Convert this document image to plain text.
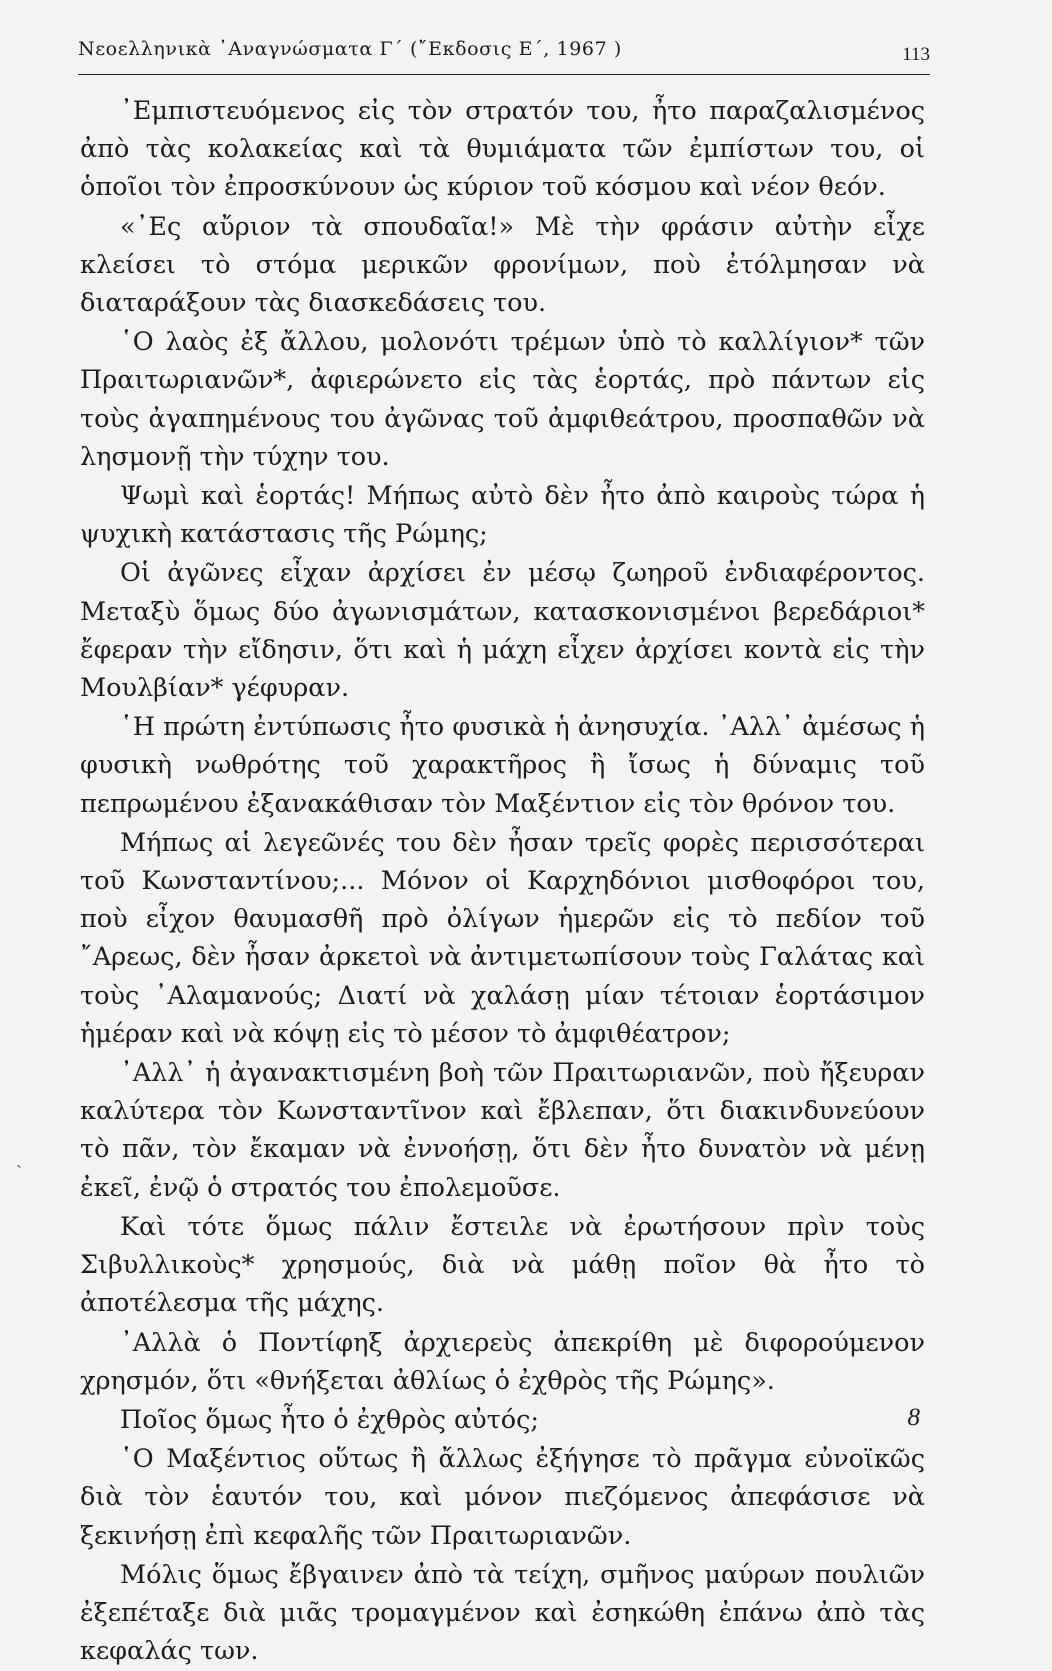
Νεοελληνικὰ ᾿Αναγνώσματα Γ΄ (῎Εκδοσις Ε΄, 1967 )	113

᾿Εμπιστευόμενος εἰς τὸν στρατόν του, ἦτο παραζαλισμένος ἀπὸ τὰς κολακείας καὶ τὰ θυμιάματα τῶν ἐμπίστων του, οἱ ὁποῖοι τὸν ἐπροσκύνουν ὡς κύριον τοῦ κόσμου καὶ νέον θεόν.

«᾿Ες αὔριον τὰ σπουδαῖα!» Μὲ τὴν φράσιν αὐτὴν εἶχε κλείσει τὸ στόμα μερικῶν φρονίμων, ποὺ ἐτόλμησαν νὰ διαταράξουν τὰς διασκεδάσεις του.

῾Ο λαὸς ἐξ ἄλλου, μολονότι τρέμων ὑπὸ τὸ καλλίγιον* τῶν Πραιτωριανῶν*, ἀφιερώνετο εἰς τὰς ἑορτάς, πρὸ πάντων εἰς τοὺς ἀγαπημένους του ἀγῶνας τοῦ ἀμφιθεάτρου, προσπαθῶν νὰ λησμονῇ τὴν τύχην του.

Ψωμὶ καὶ ἑορτάς! Μήπως αὐτὸ δὲν ἦτο ἀπὸ καιροὺς τώρα ἡ ψυχικὴ κατάστασις τῆς Ρώμης;

Οἱ ἀγῶνες εἶχαν ἀρχίσει ἐν μέσῳ ζωηροῦ ἐνδιαφέροντος. Μεταξὺ ὅμως δύο ἀγωνισμάτων, κατασκονισμένοι βερεδάριοι* ἔφεραν τὴν εἴδησιν, ὅτι καὶ ἡ μάχη εἶχεν ἀρχίσει κοντὰ εἰς τὴν Μουλβίαν* γέφυραν.

῾Η πρώτη ἐντύπωσις ἦτο φυσικὰ ἡ ἀνησυχία. ᾿Αλλ᾿ ἀμέσως ἡ φυσικὴ νωθρότης τοῦ χαρακτῆρος ἢ ἴσως ἡ δύναμις τοῦ πεπρωμένου ἐξανακάθισαν τὸν Μαξέντιον εἰς τὸν θρόνον του.

Μήπως αἱ λεγεῶνές του δὲν ἦσαν τρεῖς φορὲς περισσότεραι τοῦ Κωνσταντίνου;... Μόνον οἱ Καρχηδόνιοι μισθοφόροι του, ποὺ εἶχον θαυμασθῆ πρὸ ὀλίγων ἡμερῶν εἰς τὸ πεδίον τοῦ ῎Αρεως, δὲν ἦσαν ἀρκετοὶ νὰ ἀντιμετωπίσουν τοὺς Γαλάτας καὶ τοὺς ᾿Αλαμανούς; Διατί νὰ χαλάσῃ μίαν τέτοιαν ἑορτάσιμον ἡμέραν καὶ νὰ κόψῃ εἰς τὸ μέσον τὸ ἀμφιθέατρον;

᾿Αλλ᾿ ἡ ἀγανακτισμένη βοὴ τῶν Πραιτωριανῶν, ποὺ ἤξευραν καλύτερα τὸν Κωνσταντῖνον καὶ ἔβλεπαν, ὅτι διακινδυνεύουν τὸ πᾶν, τὸν ἔκαμαν νὰ ἐννοήσῃ, ὅτι δὲν ἦτο δυνατὸν νὰ μένῃ ἐκεῖ, ἐνῷ ὁ στρατός του ἐπολεμοῦσε.

Καὶ τότε ὅμως πάλιν ἔστειλε νὰ ἐρωτήσουν πρὶν τοὺς Σιβυλλικοὺς* χρησμούς, διὰ νὰ μάθῃ ποῖον θὰ ἦτο τὸ ἀποτέλεσμα τῆς μάχης.

᾿Αλλὰ ὁ Ποντίφηξ ἀρχιερεὺς ἀπεκρίθη μὲ διφορούμενον χρησμόν, ὅτι «θνήξεται ἀθλίως ὁ ἐχθρὸς τῆς Ρώμης».

Ποῖος ὅμως ἦτο ὁ ἐχθρὸς αὐτός;

῾Ο Μαξέντιος οὕτως ἢ ἄλλως ἐξήγησε τὸ πρᾶγμα εὐνοϊκῶς διὰ τὸν ἑαυτόν του, καὶ μόνον πιεζόμενος ἀπεφάσισε νὰ ξεκινήσῃ ἐπὶ κεφαλῆς τῶν Πραιτωριανῶν.

Μόλις ὅμως ἔβγαινεν ἀπὸ τὰ τείχη, σμῆνος μαύρων πουλιῶν ἐξεπέταξε διὰ μιᾶς τρομαγμένον καὶ ἐσηκώθη ἐπάνω ἀπὸ τὰς κεφαλάς των.

ˎ
8
